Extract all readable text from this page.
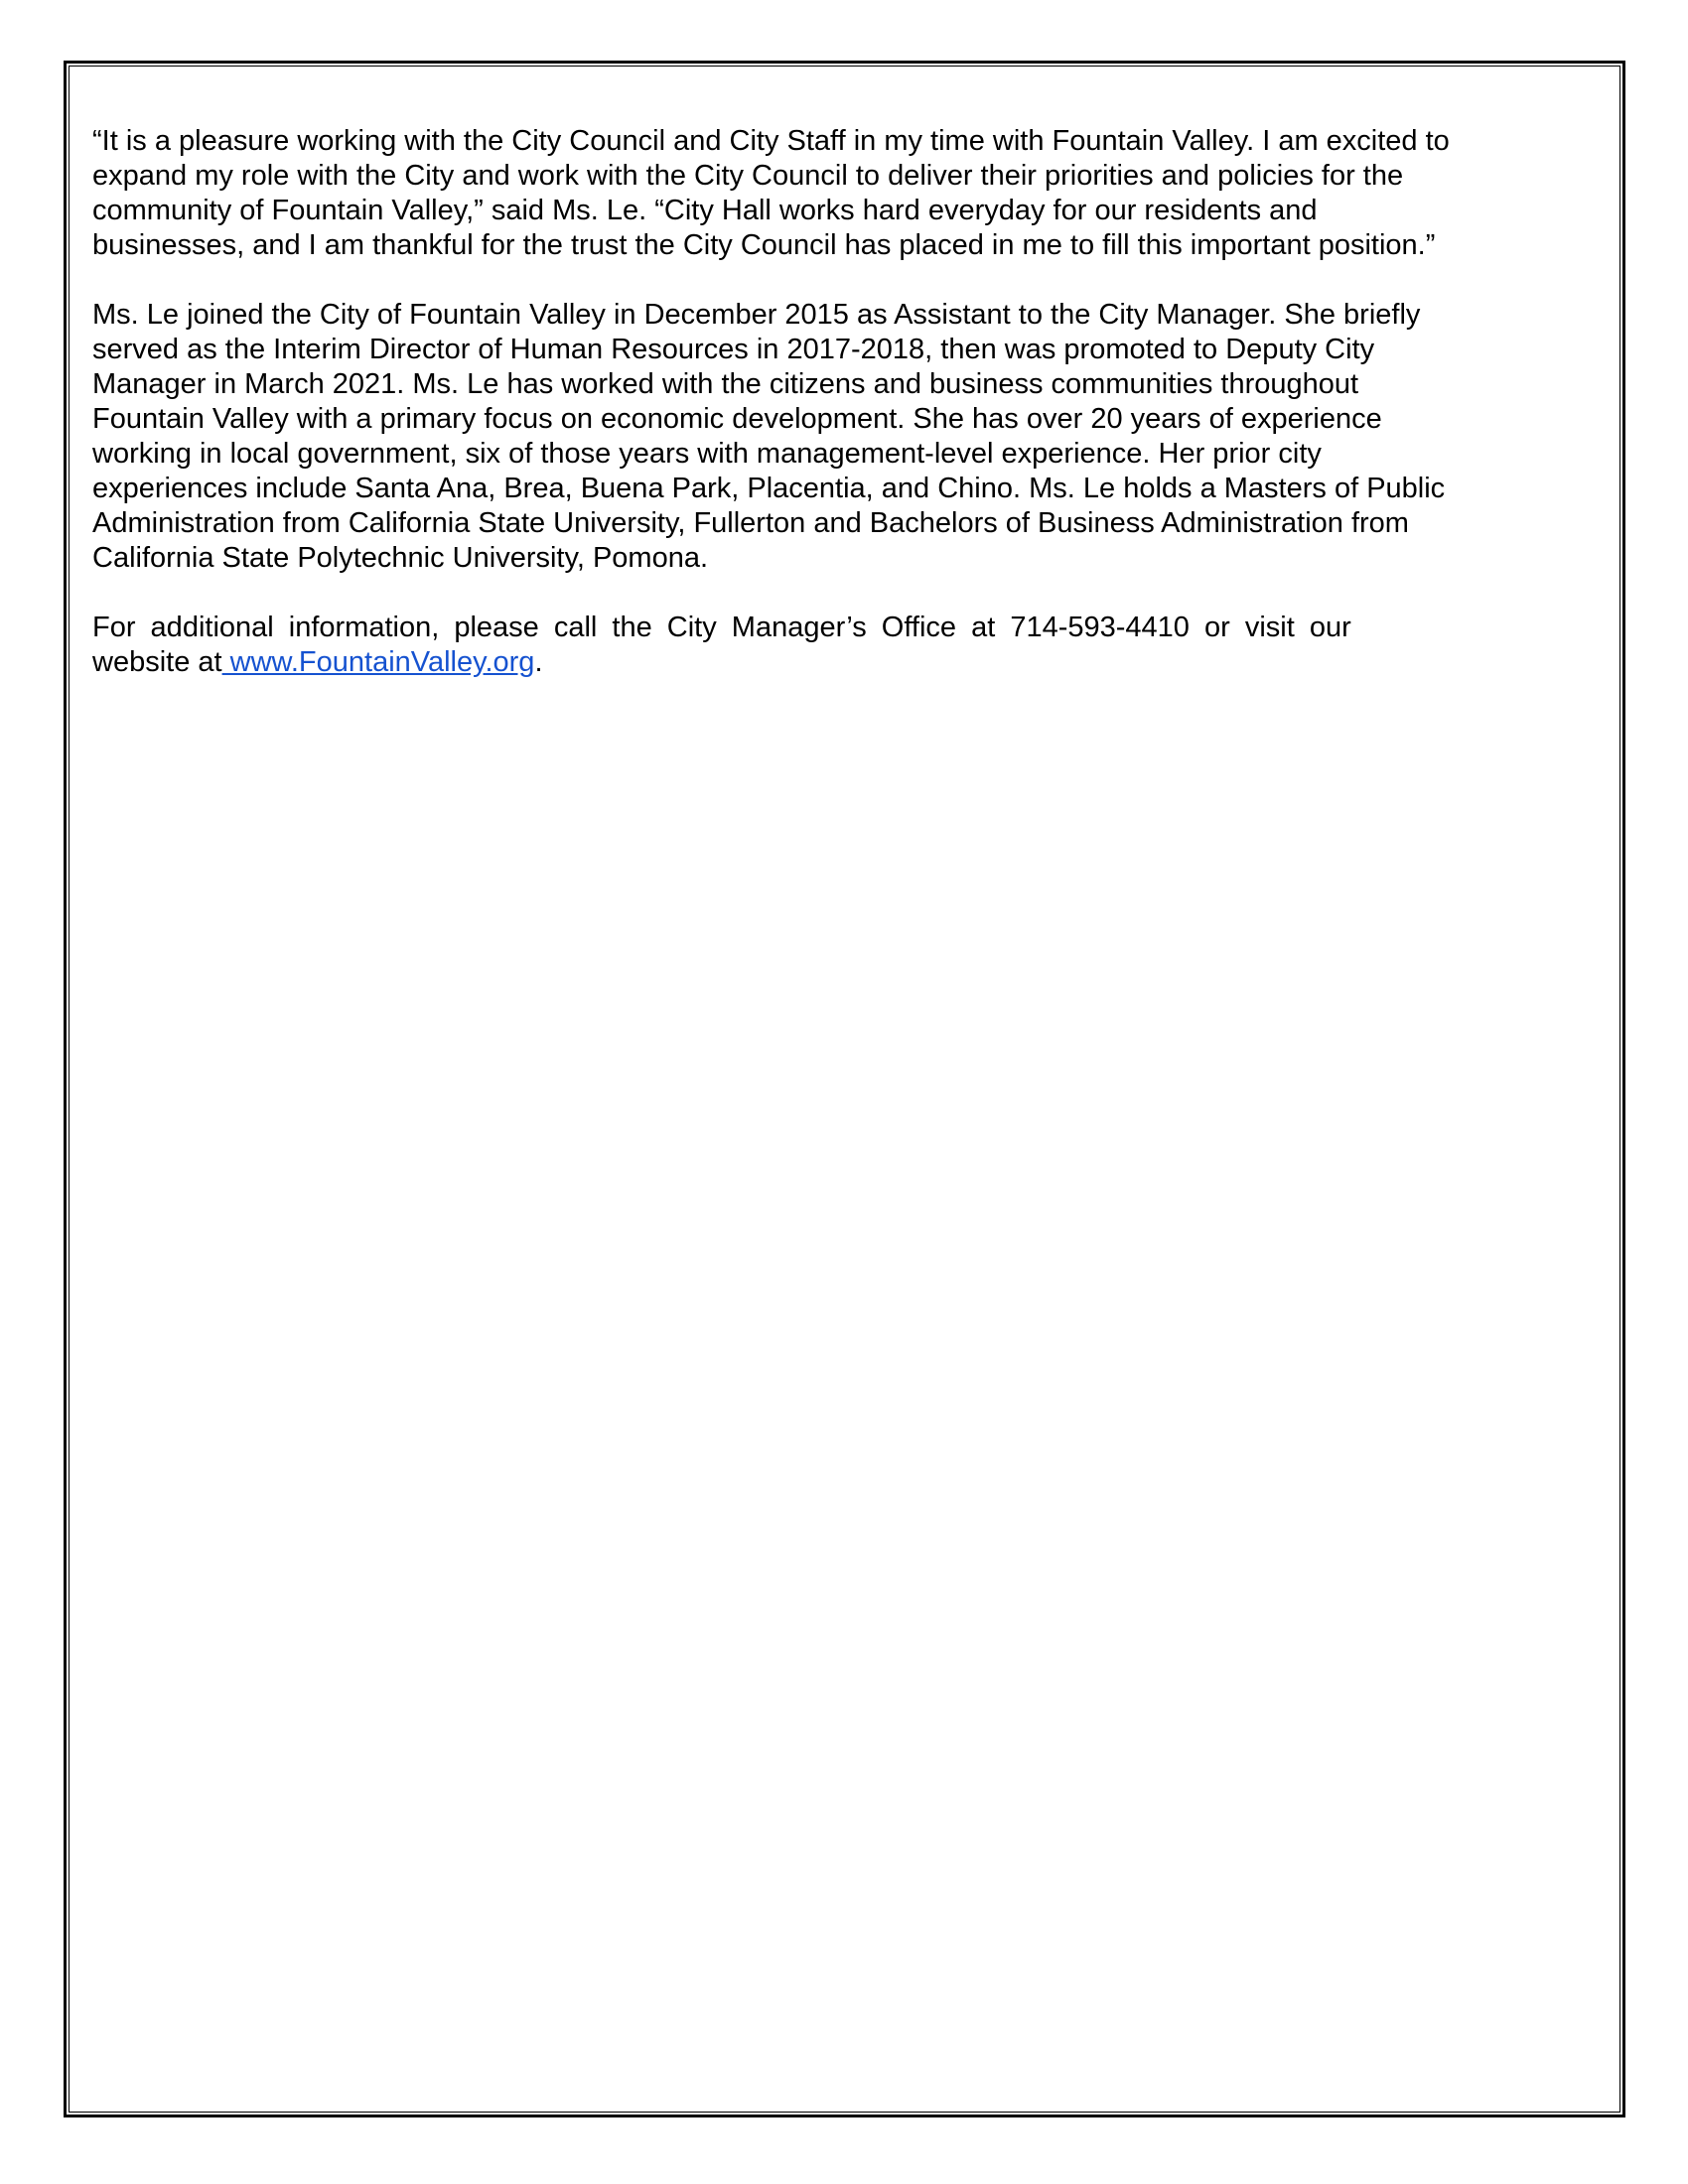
“It is a pleasure working with the City Council and City Staff in my time with Fountain Valley. I am excited to
expand my role with the City and work with the City Council to deliver their priorities and policies for the
community of Fountain Valley,” said Ms. Le. “City Hall works hard everyday for our residents and
businesses, and I am thankful for the trust the City Council has placed in me to fill this important position.”
Ms. Le joined the City of Fountain Valley in December 2015 as Assistant to the City Manager. She briefly
served as the Interim Director of Human Resources in 2017-2018, then was promoted to Deputy City
Manager in March 2021. Ms. Le has worked with the citizens and business communities throughout
Fountain Valley with a primary focus on economic development. She has over 20 years of experience
working in local government, six of those years with management-level experience. Her prior city
experiences include Santa Ana, Brea, Buena Park, Placentia, and Chino. Ms. Le holds a Masters of Public
Administration from California State University, Fullerton and Bachelors of Business Administration from
California State Polytechnic University, Pomona.
For additional information, please call the City Manager’s Office at 714-593-4410 or visit our
website at www.FountainValley.org.
